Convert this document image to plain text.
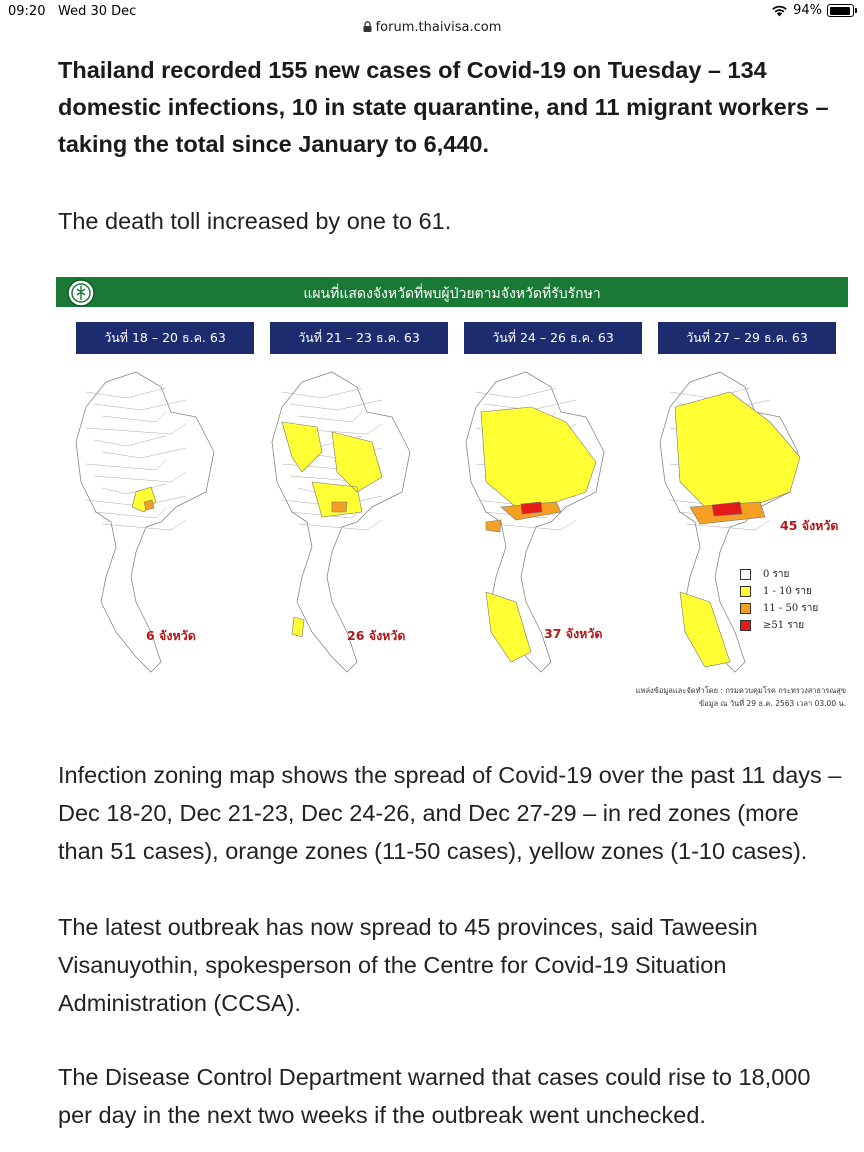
09:20 Wed 30 Dec	94%
forum.thaivisa.com

Thailand recorded 155 new cases of Covid-19 on Tuesday – 134 domestic infections, 10 in state quarantine, and 11 migrant workers – taking the total since January to 6,440.

The death toll increased by one to 61.

แผนที่แสดงจังหวัดที่พบผู้ป่วยตามจังหวัดที่รับรักษา
วันที่ 18 – 20 ธ.ค. 63	วันที่ 21 – 23 ธ.ค. 63	วันที่ 24 – 26 ธ.ค. 63	วันที่ 27 – 29 ธ.ค. 63
6 จังหวัด	26 จังหวัด	37 จังหวัด
45 จังหวัด
0 ราย
1 - 10 ราย
11 - 50 ราย
≥51 ราย
แหล่งข้อมูลและจัดทำโดย : กรมควบคุมโรค กระทรวงสาธารณสุข
ข้อมูล ณ วันที่ 29 ธ.ค. 2563 เวลา 03.00 น.

Infection zoning map shows the spread of Covid-19 over the past 11 days – Dec 18-20, Dec 21-23, Dec 24-26, and Dec 27-29 – in red zones (more than 51 cases), orange zones (11-50 cases), yellow zones (1-10 cases).

The latest outbreak has now spread to 45 provinces, said Taweesin Visanuyothin, spokesperson of the Centre for Covid-19 Situation Administration (CCSA).

The Disease Control Department warned that cases could rise to 18,000 per day in the next two weeks if the outbreak went unchecked.
